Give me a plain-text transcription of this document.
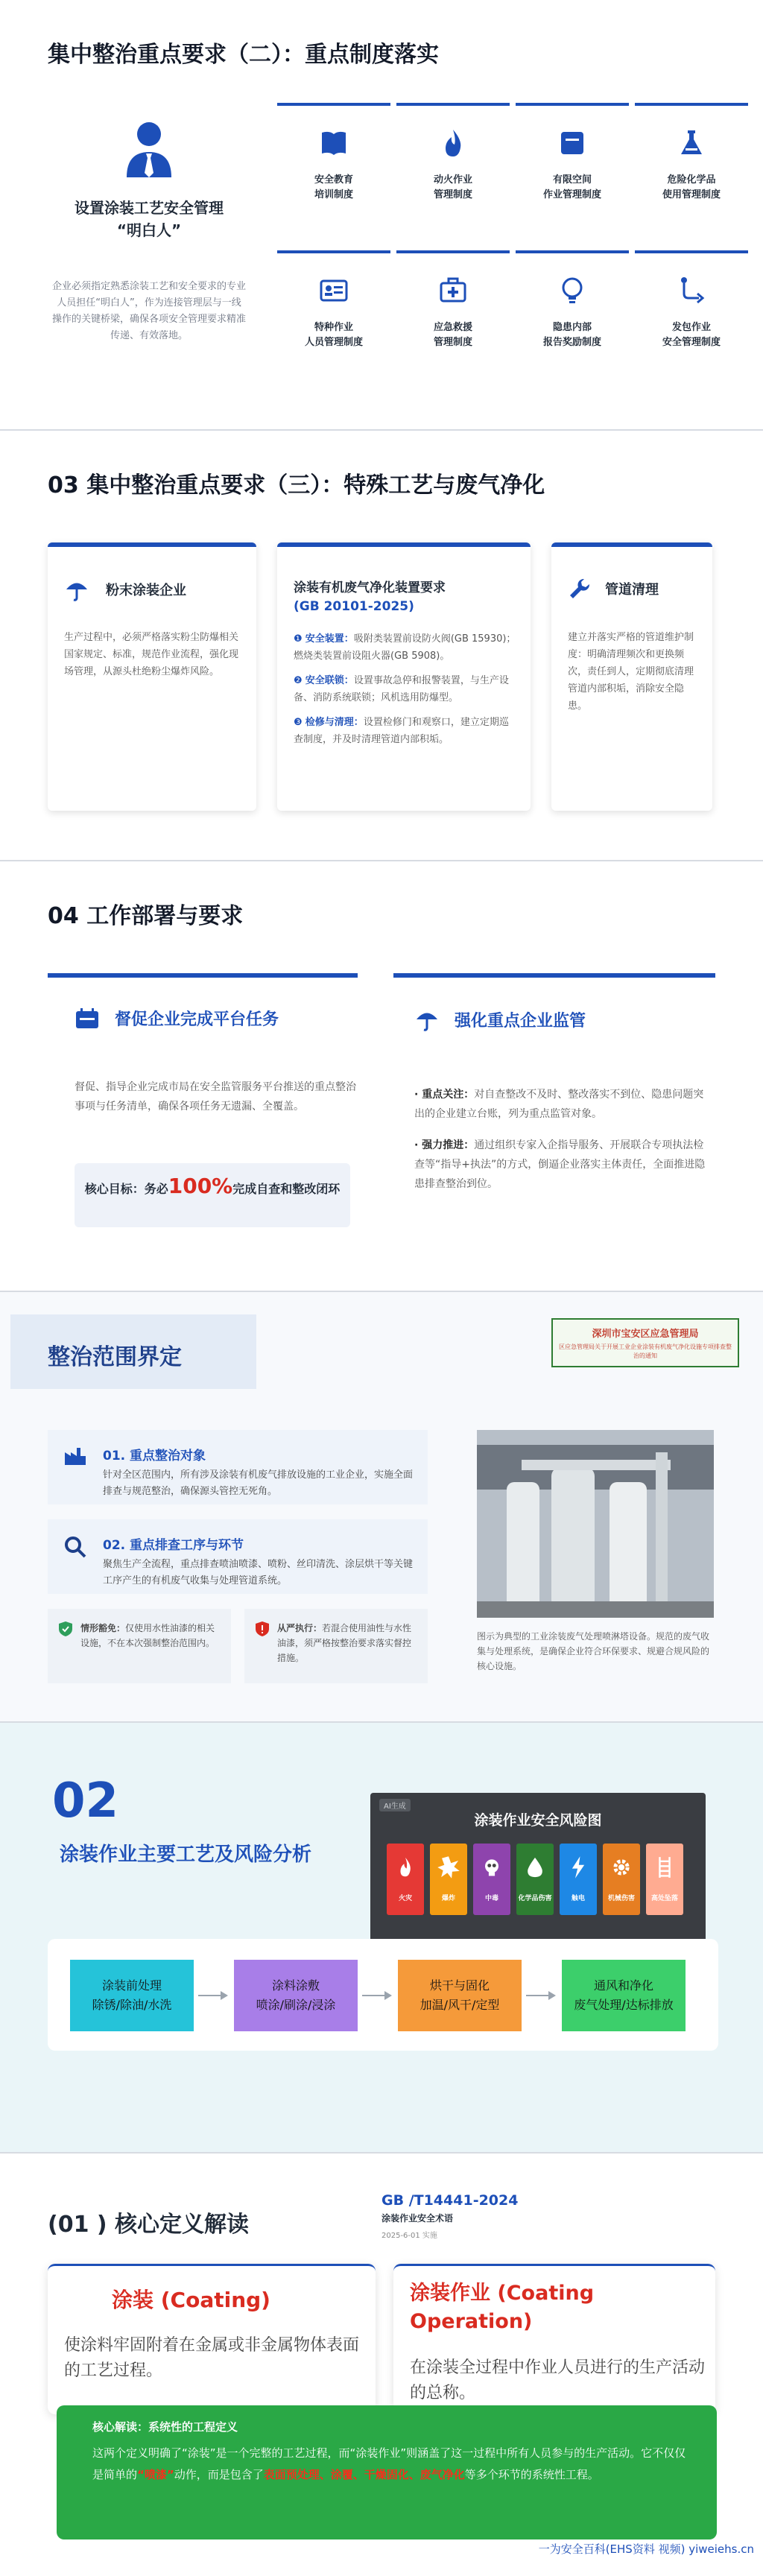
集中整治重点要求（二）：重点制度落实
设置涂装工艺安全管理
“明白人”
企业必须指定熟悉涂装工艺和安全要求的专业人员担任“明白人”，作为连接管理层与一线操作的关键桥梁，确保各项安全管理要求精准传递、有效落地。
安全教育
培训制度
动火作业
管理制度
有限空间
作业管理制度
危险化学品
使用管理制度
特种作业
人员管理制度
应急救援
管理制度
隐患内部
报告奖励制度
发包作业
安全管理制度
03 集中整治重点要求（三）：特殊工艺与废气净化
粉末涂装企业
生产过程中，必须严格落实粉尘防爆相关国家规定、标准，规范作业流程，强化现场管理，从源头杜绝粉尘爆炸风险。
涂装有机废气净化装置要求
(GB 20101-2025)
❶ 安全装置：吸附类装置前设防火阀(GB 15930)；燃烧类装置前设阻火器(GB 5908)。
❷ 安全联锁：设置事故急停和报警装置，与生产设备、消防系统联锁；风机选用防爆型。
❸ 检修与清理：设置检修门和观察口，建立定期巡查制度，并及时清理管道内部积垢。
管道清理
建立并落实严格的管道维护制度：明确清理频次和更换频次，责任到人，定期彻底清理管道内部积垢，消除安全隐患。
04 工作部署与要求
督促企业完成平台任务
督促、指导企业完成市局在安全监管服务平台推送的重点整治事项与任务清单，确保各项任务无遗漏、全覆盖。
核心目标：务必100%完成自查和整改闭环
强化重点企业监管
· 重点关注：对自查整改不及时、整改落实不到位、隐患问题突出的企业建立台账，列为重点监管对象。
· 强力推进：通过组织专家入企指导服务、开展联合专项执法检查等“指导+执法”的方式，倒逼企业落实主体责任，全面推进隐患排查整治到位。
整治范围界定
深圳市宝安区应急管理局
区应急管理局关于开展工业企业涂装有机废气净化设施专项排查整治的通知
01. 重点整治对象
针对全区范围内，所有涉及涂装有机废气排放设施的工业企业，实施全面排查与规范整治，确保源头管控无死角。
02. 重点排查工序与环节
聚焦生产全流程，重点排查喷油喷漆、喷粉、丝印清洗、涂层烘干等关键工序产生的有机废气收集与处理管道系统。
情形豁免：仅使用水性油漆的相关设施，不在本次强制整治范围内。
从严执行：若混合使用油性与水性油漆，须严格按整治要求落实督控措施。
图示为典型的工业涂装废气处理喷淋塔设备。规范的废气收集与处理系统，是确保企业符合环保要求、规避合规风险的核心设施。
02
涂装作业主要工艺及风险分析
AI生成
涂装作业安全风险图
火灾	爆炸	中毒	化学品伤害	触电	机械伤害	高处坠落
涂装前处理
除锈/除油/水洗
涂料涂敷
喷涂/刷涂/浸涂
烘干与固化
加温/风干/定型
通风和净化
废气处理/达标排放
(01 ) 核心定义解读
GB /T14441-2024
涂装作业安全术语
2025-6-01 实施
涂装 (Coating)
使涂料牢固附着在金属或非金属物体表面的工艺过程。
涂装作业 (Coating Operation)
在涂装全过程中作业人员进行的生产活动的总称。
核心解读：系统性的工程定义
这两个定义明确了“涂装”是一个完整的工艺过程，而“涂装作业”则涵盖了这一过程中所有人员参与的生产活动。它不仅仅是简单的“喷漆”动作，而是包含了表面预处理、涂覆、干燥固化、废气净化等多个环节的系统性工程。
一为安全百科(EHS资料 视频) yiweiehs.cn
